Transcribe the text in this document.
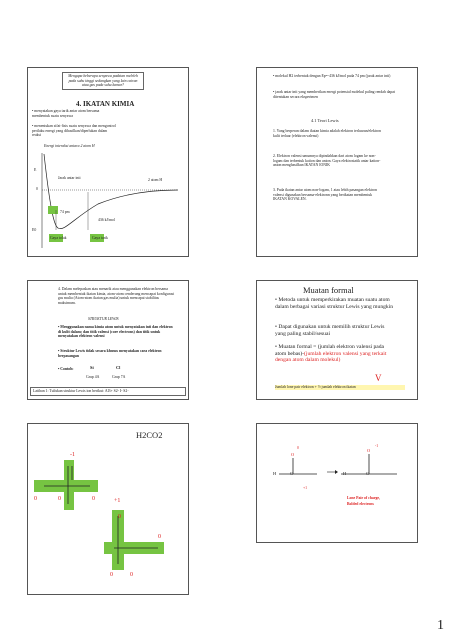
Mengapa beberapa senyawa padatan meleleh pada suhu tinggi sedangkan yang lain cairan atau gas pada suhu kamar?
4. IKATAN KIMIA
• menyatakan gaya tarik antar atom bersama membentuk suatu senyawa
• menentukan sifat-fisis suatu senyawa dan mengontrol perilaku energi yang dihasilkan/diperlukan dalam reaksi
Energi interaksi antara 2 atom H
E
0
E0
Jarak antar inti	2 atom H
74 pm
436 kJ/mol
Gaya tolak	Gaya tarik
• molekul H2 terbentuk dengan Ep=-436 kJ/mol pada 74 pm (jarak antar inti)
• jarak antar inti yang memberikan energi potensial molekul paling rendah dapat ditentukan secara eksperimen
4.1 Teori Lewis
1. Yang berperan dalam ikatan kimia adalah elektron terluaran/elektron kulit terluar (elektron valensi)
2. Elektron valensi umumnya dipindahkan dari atom logam ke non-logam dan terbentuk kation dan anion. Gaya elektrostatik antar kation-anion menghasilkan IKATAN IONIK
3. Pada ikatan antar atom non-logam, 1 atau lebih pasangan elektron valensi digunakan bersama-elektronn yang berikatan membentuk IKATAN KOVALEN.
4. Dalam melepaskan atau menarik atau menggunakan elektron bersama untuk membentuk ikatan kimia, atom-atom cenderung mencapai konfigurasi gas mulia (Atom-atom ikatan gas mulia) untuk mencapai stabilitas maksimum.
STRUKTUR LEWIS
• Menggunakan nama kimia atom untuk menyatakan inti dan elektron di kulit dalam; dan titik valensi (core electrons) dan titik untuk menyatakan elektron valensi
• Struktur Lewis tidak secara khusus menyatakan cara elektron berpasangan
• Contoh:	Si	Cl
Grup 4A	Grup 7A
Latihan 1: Tuliskan struktur Lewis ion berikut: Al3+ S2- I- S2-
Muatan formal
• Metoda untuk memperkirakan muatan suatu atom dalam berbagai variasi struktur Lewis yang mungkin
• Dapat digunakan untuk memilih struktur Lewis yang paling stabil/sesuai
• Muatan formal = (jumlah elektron valensi pada atom bebas)-(jumlah elektron valensi yang terkait dengan atom dalam molekul)
V
Jumlah lone pair elektron + ½ jumlah elektron ikatan
H2CO2
-1
+1
0	0	0
0
0
0	0
H	C
O
H	C
O
0	-1
+1
Lone Pair of charge,
Bolded electrons
1
